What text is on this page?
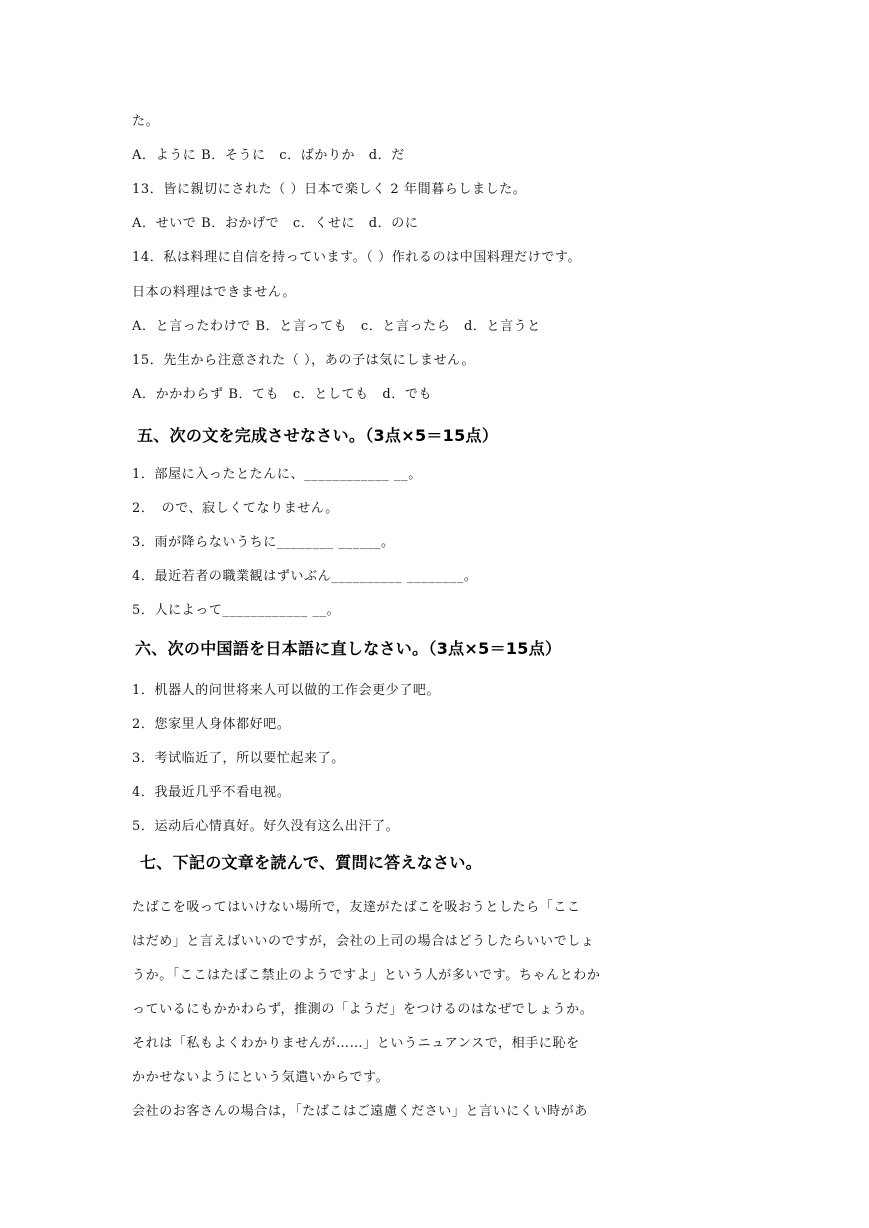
た。
A．ように B．そうに　c．ばかりか　d．だ
13．皆に親切にされた（ ）日本で楽しく 2 年間暮らしました。
A．せいで B．おかげで　c．くせに　d．のに
14．私は料理に自信を持っています。（ ）作れるのは中国料理だけです。
日本の料理はできません。
A．と言ったわけで B．と言っても　c．と言ったら　d．と言うと
15．先生から注意された（ ），あの子は気にしません。
A．かかわらず B．ても　c．としても　d．でも
五、次の文を完成させなさい。（3点×5＝15点）
1．部屋に入ったとたんに、____________ __。
2．　ので、寂しくてなりません。
3．雨が降らないうちに________ ______。
4．最近若者の職業観はずいぶん__________ ________。
5．人によって____________ __。
六、次の中国語を日本語に直しなさい。（3点×5＝15点）
1．机器人的问世将来人可以做的工作会更少了吧。
2．您家里人身体都好吧。
3．考试临近了，所以要忙起来了。
4．我最近几乎不看电视。
5．运动后心情真好。好久没有这么出汗了。
七、下記の文章を読んで、質問に答えなさい。
たばこを吸ってはいけない場所で，友達がたばこを吸おうとしたら「ここ
はだめ」と言えばいいのですが，会社の上司の場合はどうしたらいいでしょ
うか。「ここはたばこ禁止のようですよ」という人が多いです。ちゃんとわか
っているにもかかわらず，推測の「ようだ」をつけるのはなぜでしょうか。
それは「私もよくわかりませんが……」というニュアンスで，相手に恥を
かかせないようにという気遣いからです。
会社のお客さんの場合は，「たばこはご遠慮ください」と言いにくい時があ
